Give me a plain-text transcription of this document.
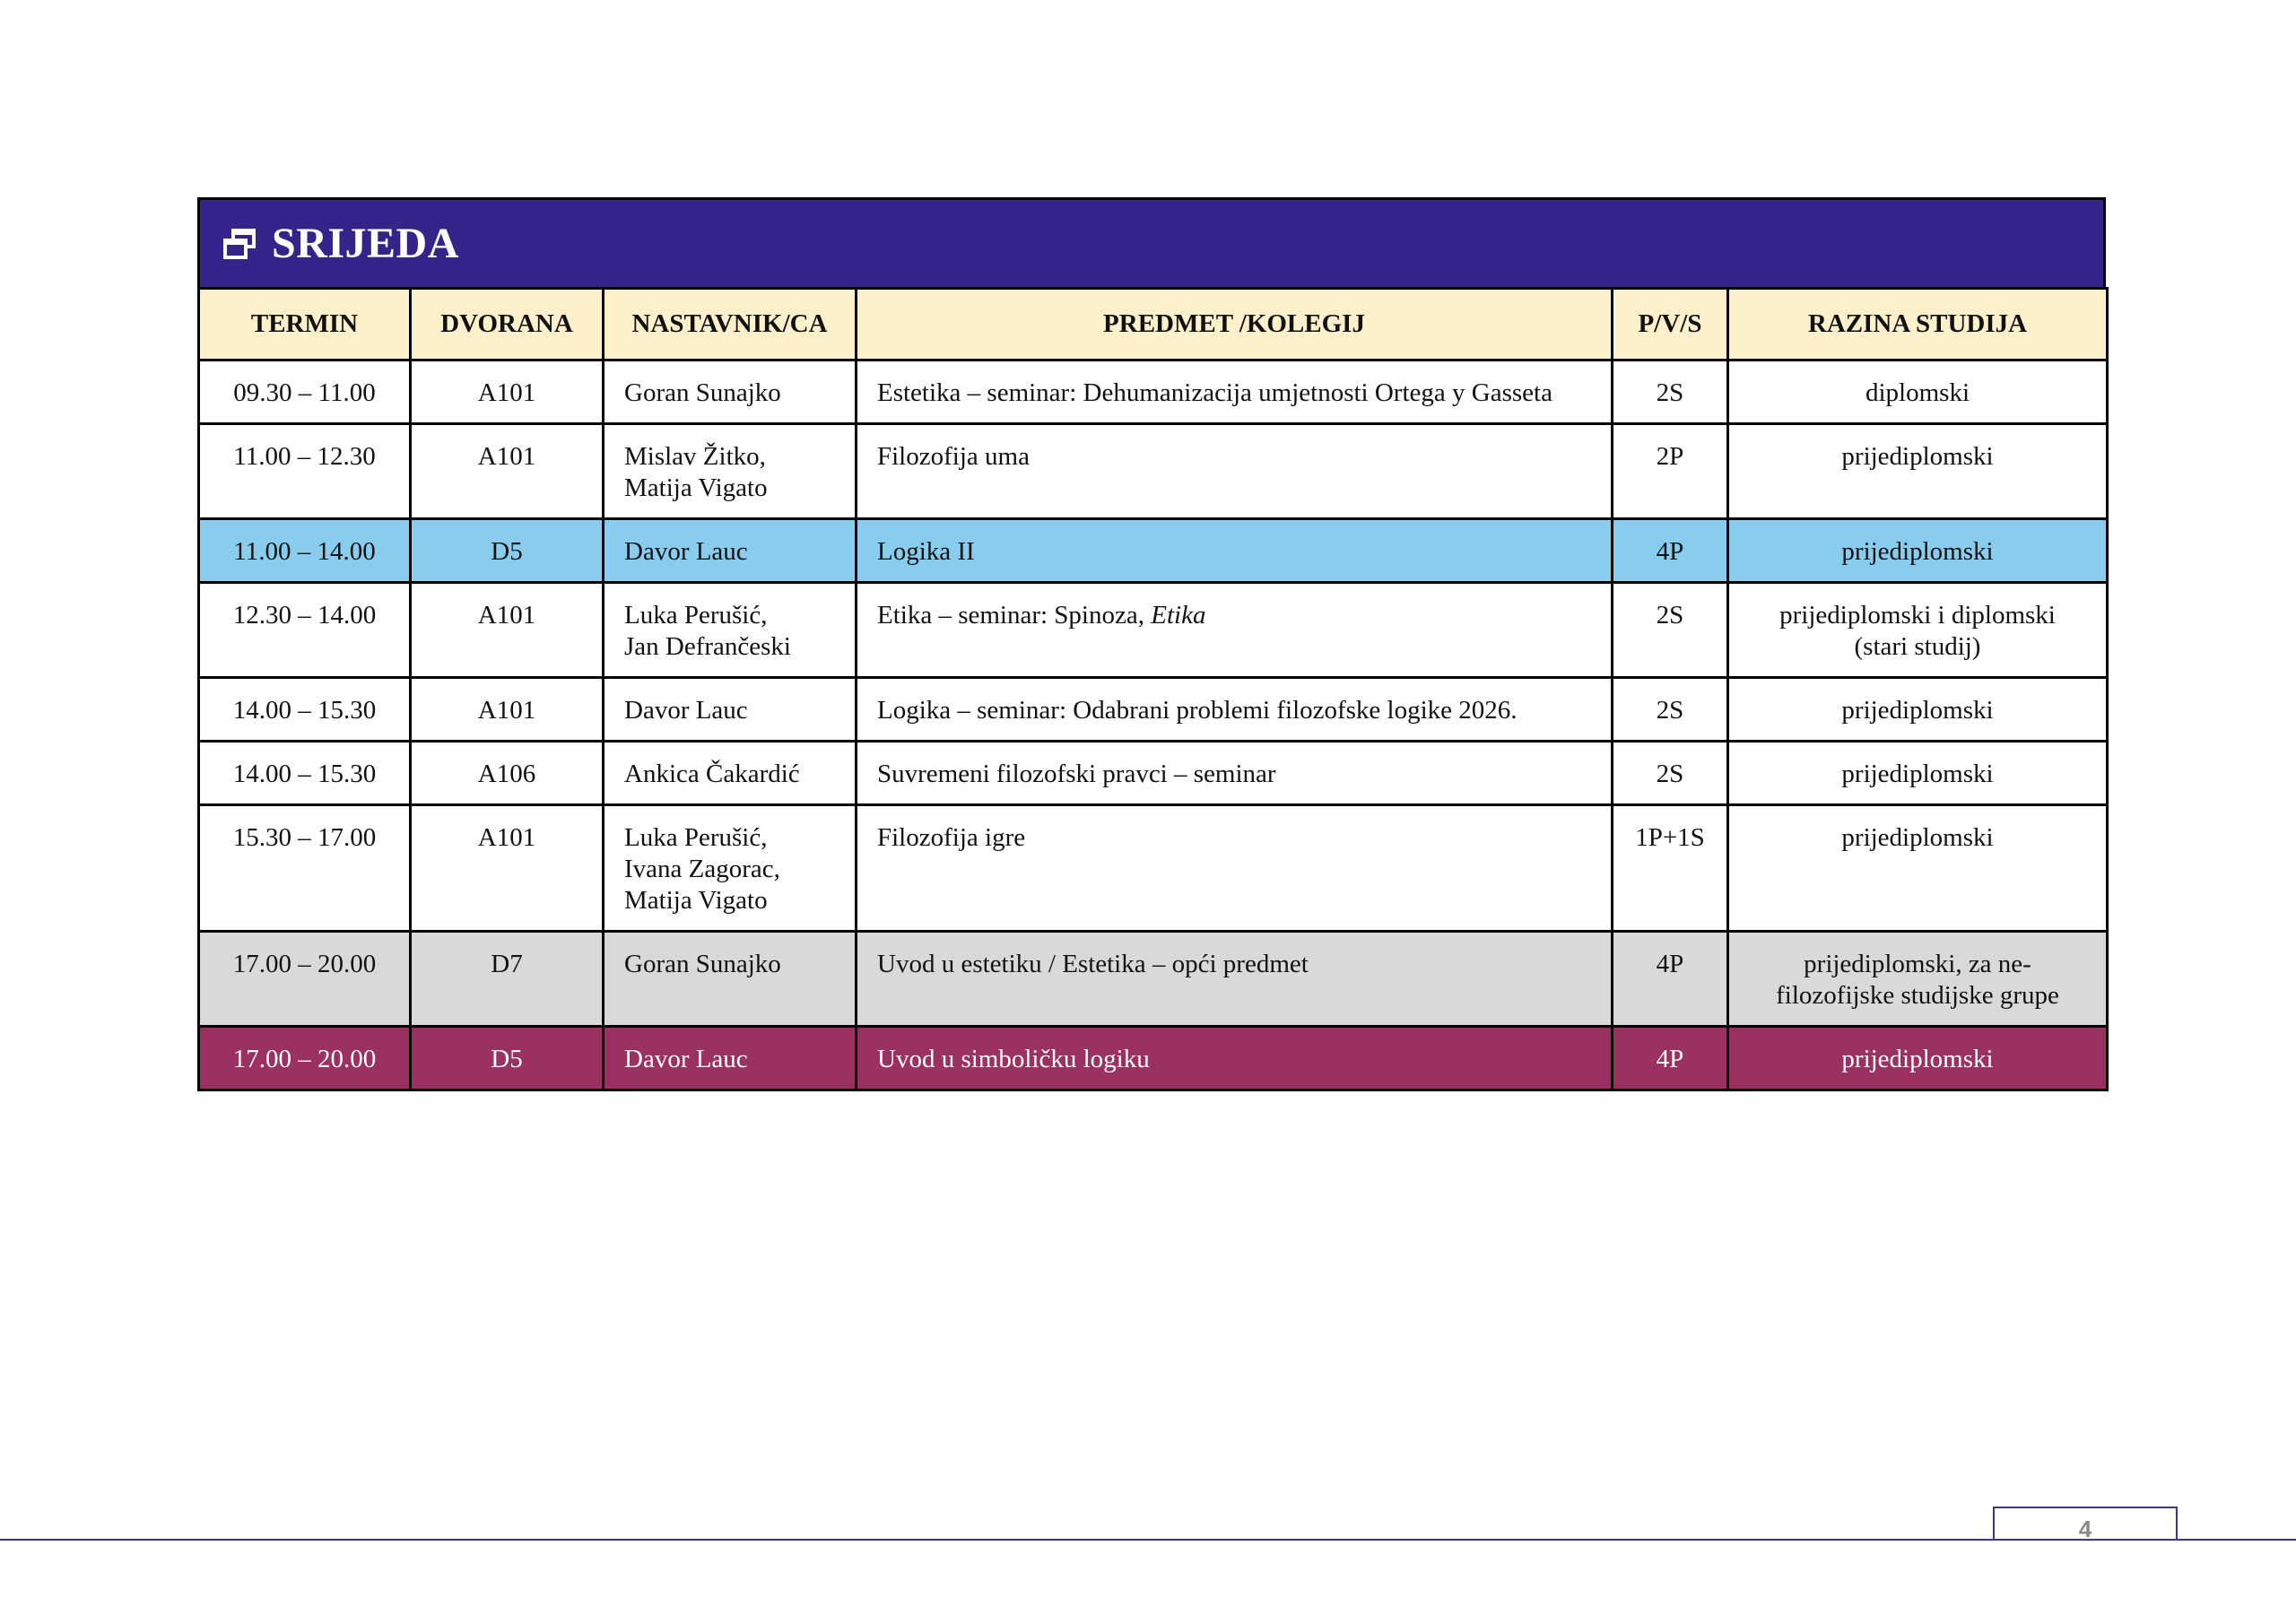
SRIJEDA
TERMIN	DVORANA	NASTAVNIK/CA	PREDMET /KOLEGIJ	P/V/S	RAZINA STUDIJA
09.30 – 11.00	A101	Goran Sunajko	Estetika – seminar: Dehumanizacija umjetnosti Ortega y Gasseta	2S	diplomski

11.00 – 12.30	A101	Mislav Žitko,
Matija Vigato	Filozofija uma	2P	prijediplomski

11.00 – 14.00	D5	Davor Lauc	Logika II	4P	prijediplomski

12.30 – 14.00	A101	Luka Perušić,
Jan Defrančeski	Etika – seminar: Spinoza, Etika	2S	prijediplomski i diplomski
(stari studij)

14.00 – 15.30	A101	Davor Lauc	Logika – seminar: Odabrani problemi filozofske logike 2026.	2S	prijediplomski

14.00 – 15.30	A106	Ankica Čakardić	Suvremeni filozofski pravci – seminar	2S	prijediplomski

15.30 – 17.00	A101	Luka Perušić,
Ivana Zagorac,
Matija Vigato	Filozofija igre	1P+1S	prijediplomski

17.00 – 20.00	D7	Goran Sunajko	Uvod u estetiku / Estetika – opći predmet	4P	prijediplomski, za ne-
filozofijske studijske grupe

17.00 – 20.00	D5	Davor Lauc	Uvod u simboličku logiku	4P	prijediplomski
4
